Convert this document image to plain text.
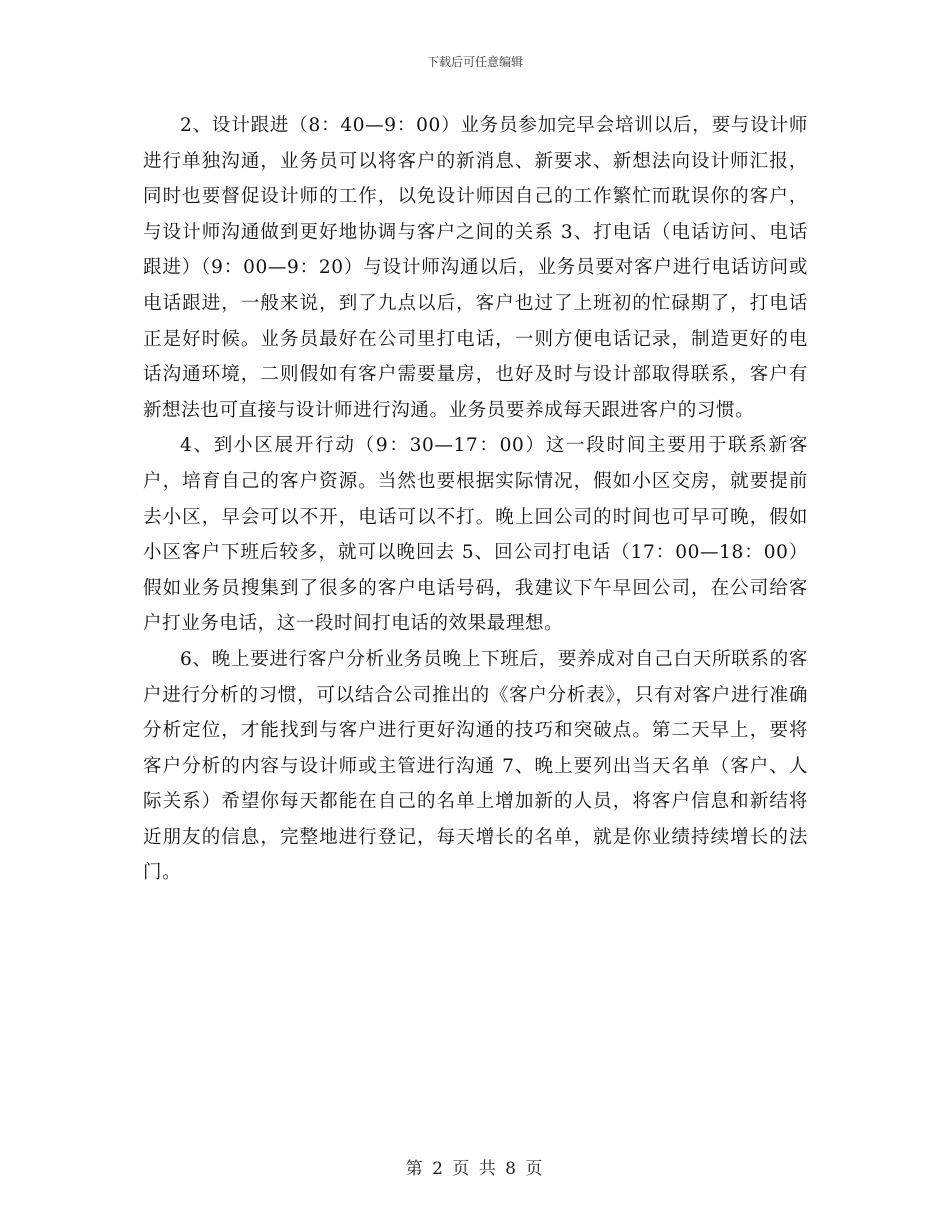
下载后可任意编辑

2、设计跟进（8：40—9：00）业务员参加完早会培训以后，要与设计师进行单独沟通，业务员可以将客户的新消息、新要求、新想法向设计师汇报，同时也要督促设计师的工作，以免设计师因自己的工作繁忙而耽误你的客户，与设计师沟通做到更好地协调与客户之间的关系 3、打电话（电话访问、电话跟进）（9：00—9：20）与设计师沟通以后，业务员要对客户进行电话访问或电话跟进，一般来说，到了九点以后，客户也过了上班初的忙碌期了，打电话正是好时候。业务员最好在公司里打电话，一则方便电话记录，制造更好的电话沟通环境，二则假如有客户需要量房，也好及时与设计部取得联系，客户有新想法也可直接与设计师进行沟通。业务员要养成每天跟进客户的习惯。

4、到小区展开行动（9：30—17：00）这一段时间主要用于联系新客户，培育自己的客户资源。当然也要根据实际情况，假如小区交房，就要提前去小区，早会可以不开，电话可以不打。晚上回公司的时间也可早可晚，假如小区客户下班后较多，就可以晚回去 5、回公司打电话（17：00—18：00）假如业务员搜集到了很多的客户电话号码，我建议下午早回公司，在公司给客户打业务电话，这一段时间打电话的效果最理想。

6、晚上要进行客户分析业务员晚上下班后，要养成对自己白天所联系的客户进行分析的习惯，可以结合公司推出的《客户分析表》，只有对客户进行准确分析定位，才能找到与客户进行更好沟通的技巧和突破点。第二天早上，要将客户分析的内容与设计师或主管进行沟通 7、晚上要列出当天名单（客户、人际关系）希望你每天都能在自己的名单上增加新的人员，将客户信息和新结将近朋友的信息，完整地进行登记，每天增长的名单，就是你业绩持续增长的法门。

第 2 页 共 8 页
